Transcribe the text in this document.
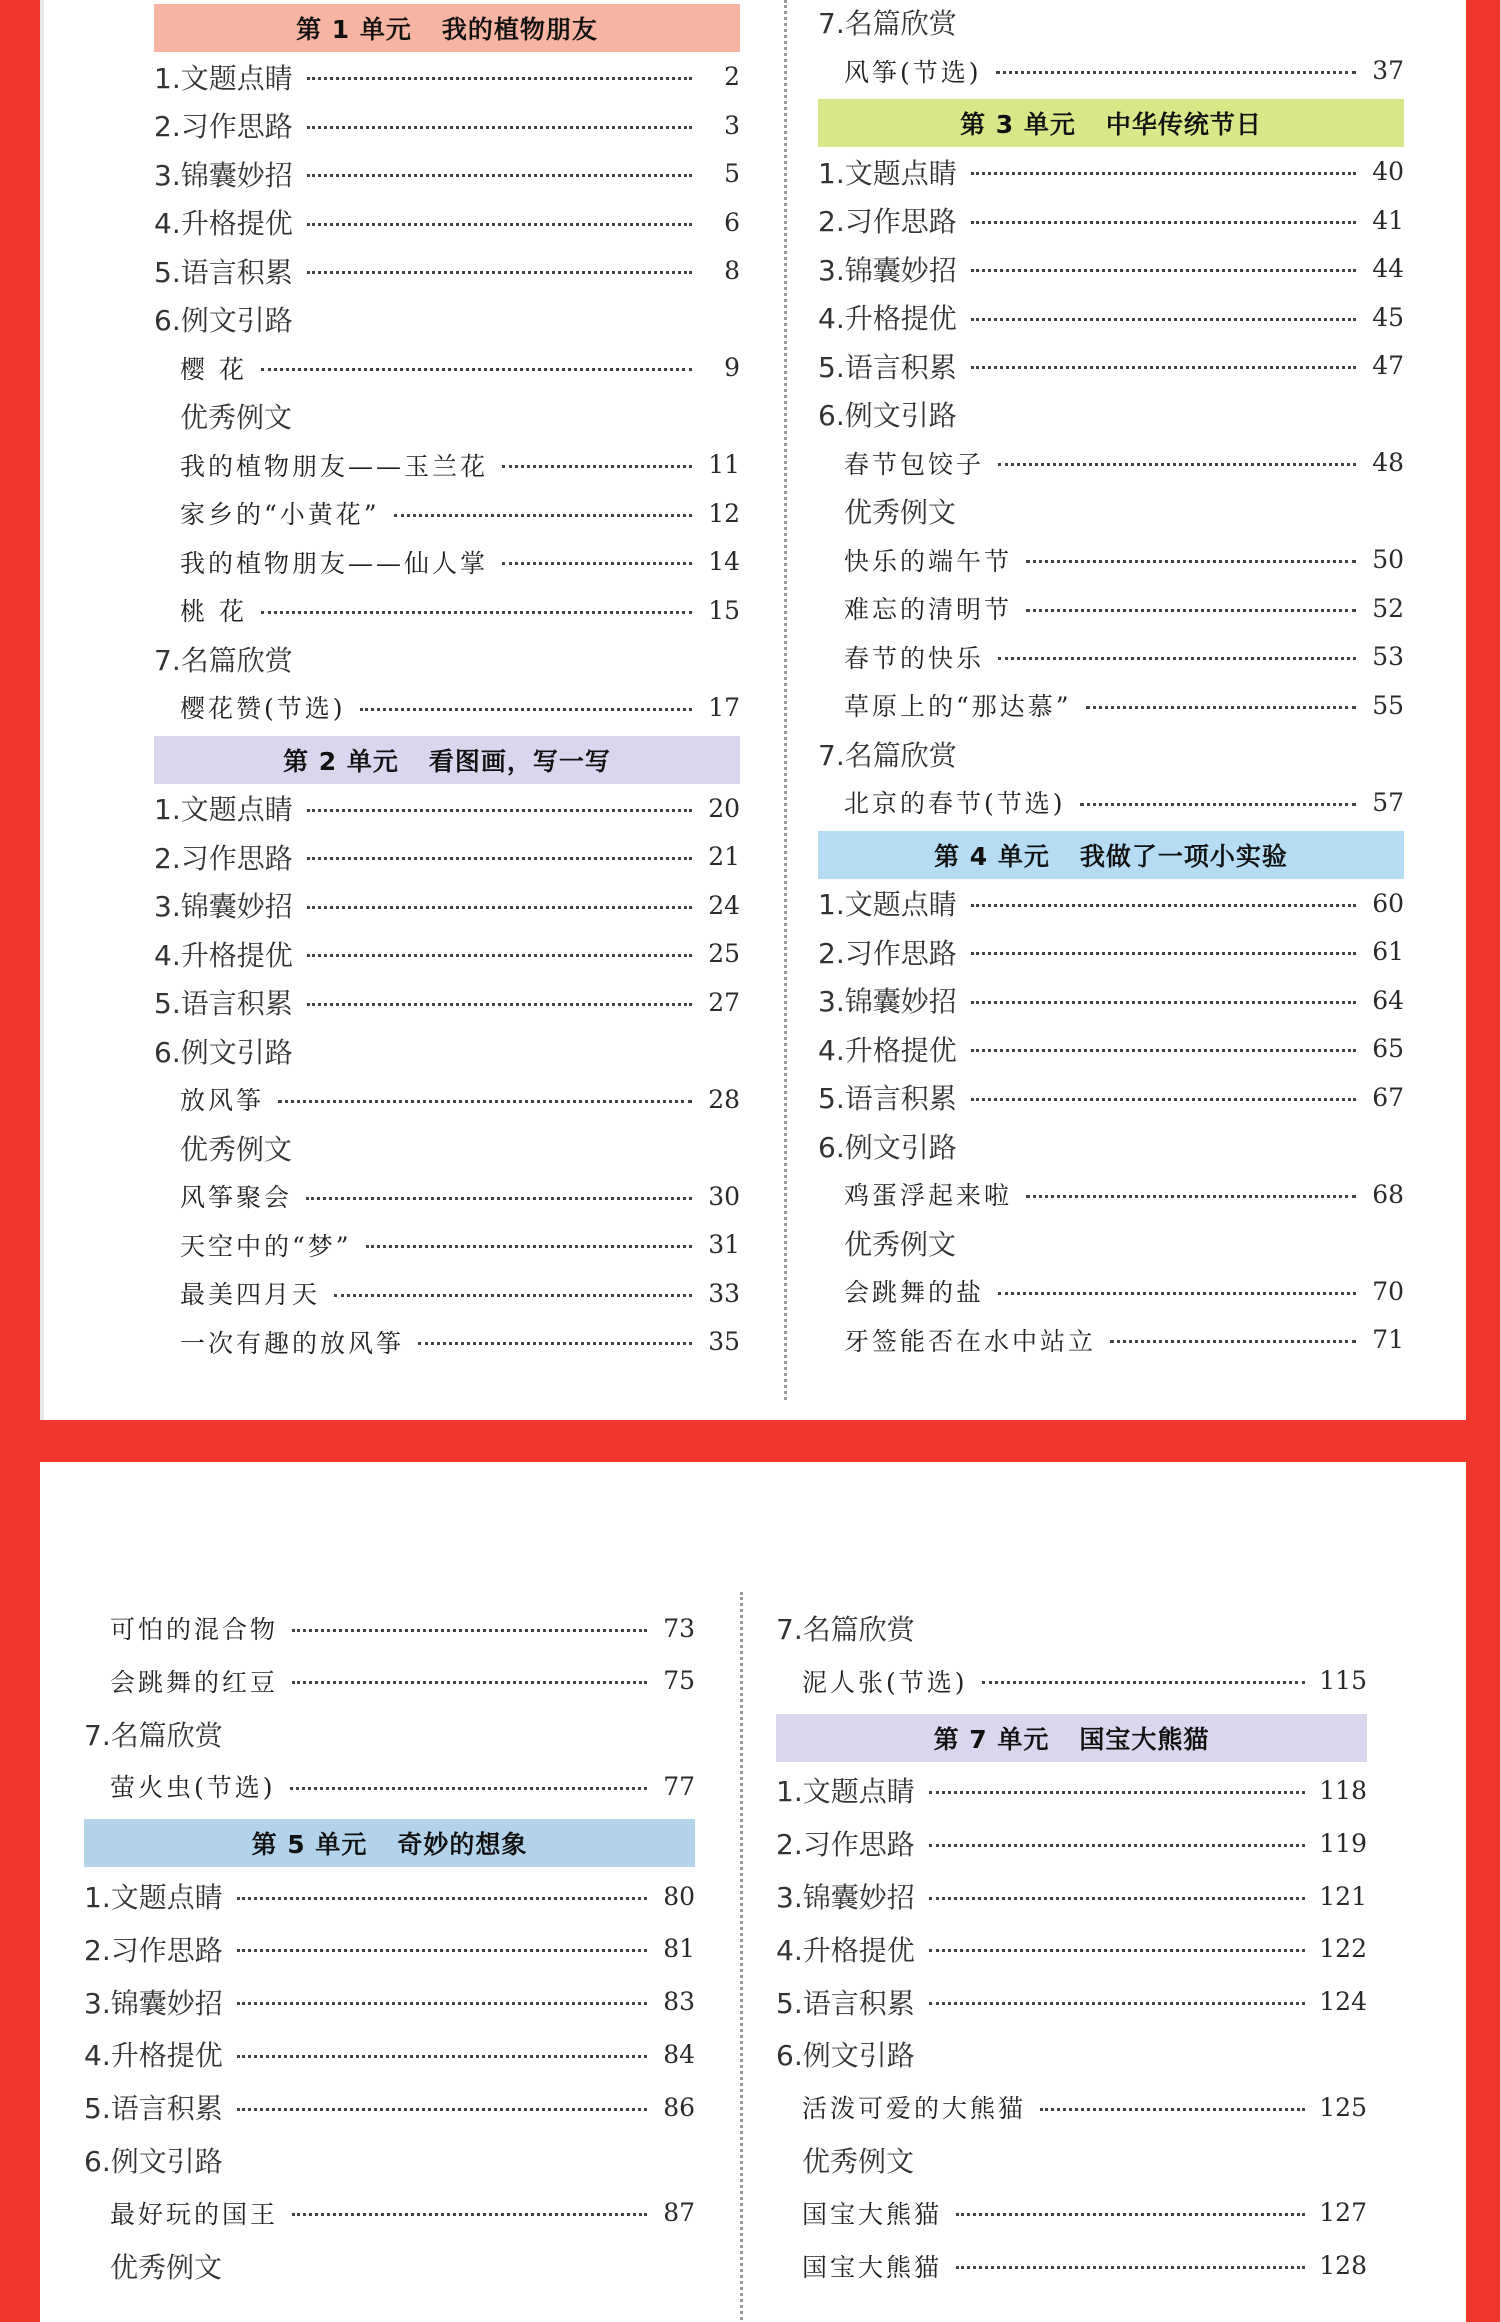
第 1 单元 我的植物朋友
1.文题点睛	2
2.习作思路	3
3.锦囊妙招	5
4.升格提优	6
5.语言积累	8
6.例文引路
樱 花	9
优秀例文
我的植物朋友——玉兰花	11
家乡的“小黄花”	12
我的植物朋友——仙人掌	14
桃 花	15
7.名篇欣赏
樱花赞(节选)	17
第 2 单元 看图画，写一写
1.文题点睛	20
2.习作思路	21
3.锦囊妙招	24
4.升格提优	25
5.语言积累	27
6.例文引路
放风筝	28
优秀例文
风筝聚会	30
天空中的“梦”	31
最美四月天	33
一次有趣的放风筝	35
7.名篇欣赏
风筝(节选)	37
第 3 单元 中华传统节日
1.文题点睛	40
2.习作思路	41
3.锦囊妙招	44
4.升格提优	45
5.语言积累	47
6.例文引路
春节包饺子	48
优秀例文
快乐的端午节	50
难忘的清明节	52
春节的快乐	53
草原上的“那达慕”	55
7.名篇欣赏
北京的春节(节选)	57
第 4 单元 我做了一项小实验
1.文题点睛	60
2.习作思路	61
3.锦囊妙招	64
4.升格提优	65
5.语言积累	67
6.例文引路
鸡蛋浮起来啦	68
优秀例文
会跳舞的盐	70
牙签能否在水中站立	71
可怕的混合物	73
会跳舞的红豆	75
7.名篇欣赏
萤火虫(节选)	77
第 5 单元 奇妙的想象
1.文题点睛	80
2.习作思路	81
3.锦囊妙招	83
4.升格提优	84
5.语言积累	86
6.例文引路
最好玩的国王	87
优秀例文
7.名篇欣赏
泥人张(节选)	115
第 7 单元 国宝大熊猫
1.文题点睛	118
2.习作思路	119
3.锦囊妙招	121
4.升格提优	122
5.语言积累	124
6.例文引路
活泼可爱的大熊猫	125
优秀例文
国宝大熊猫	127
国宝大熊猫	128
